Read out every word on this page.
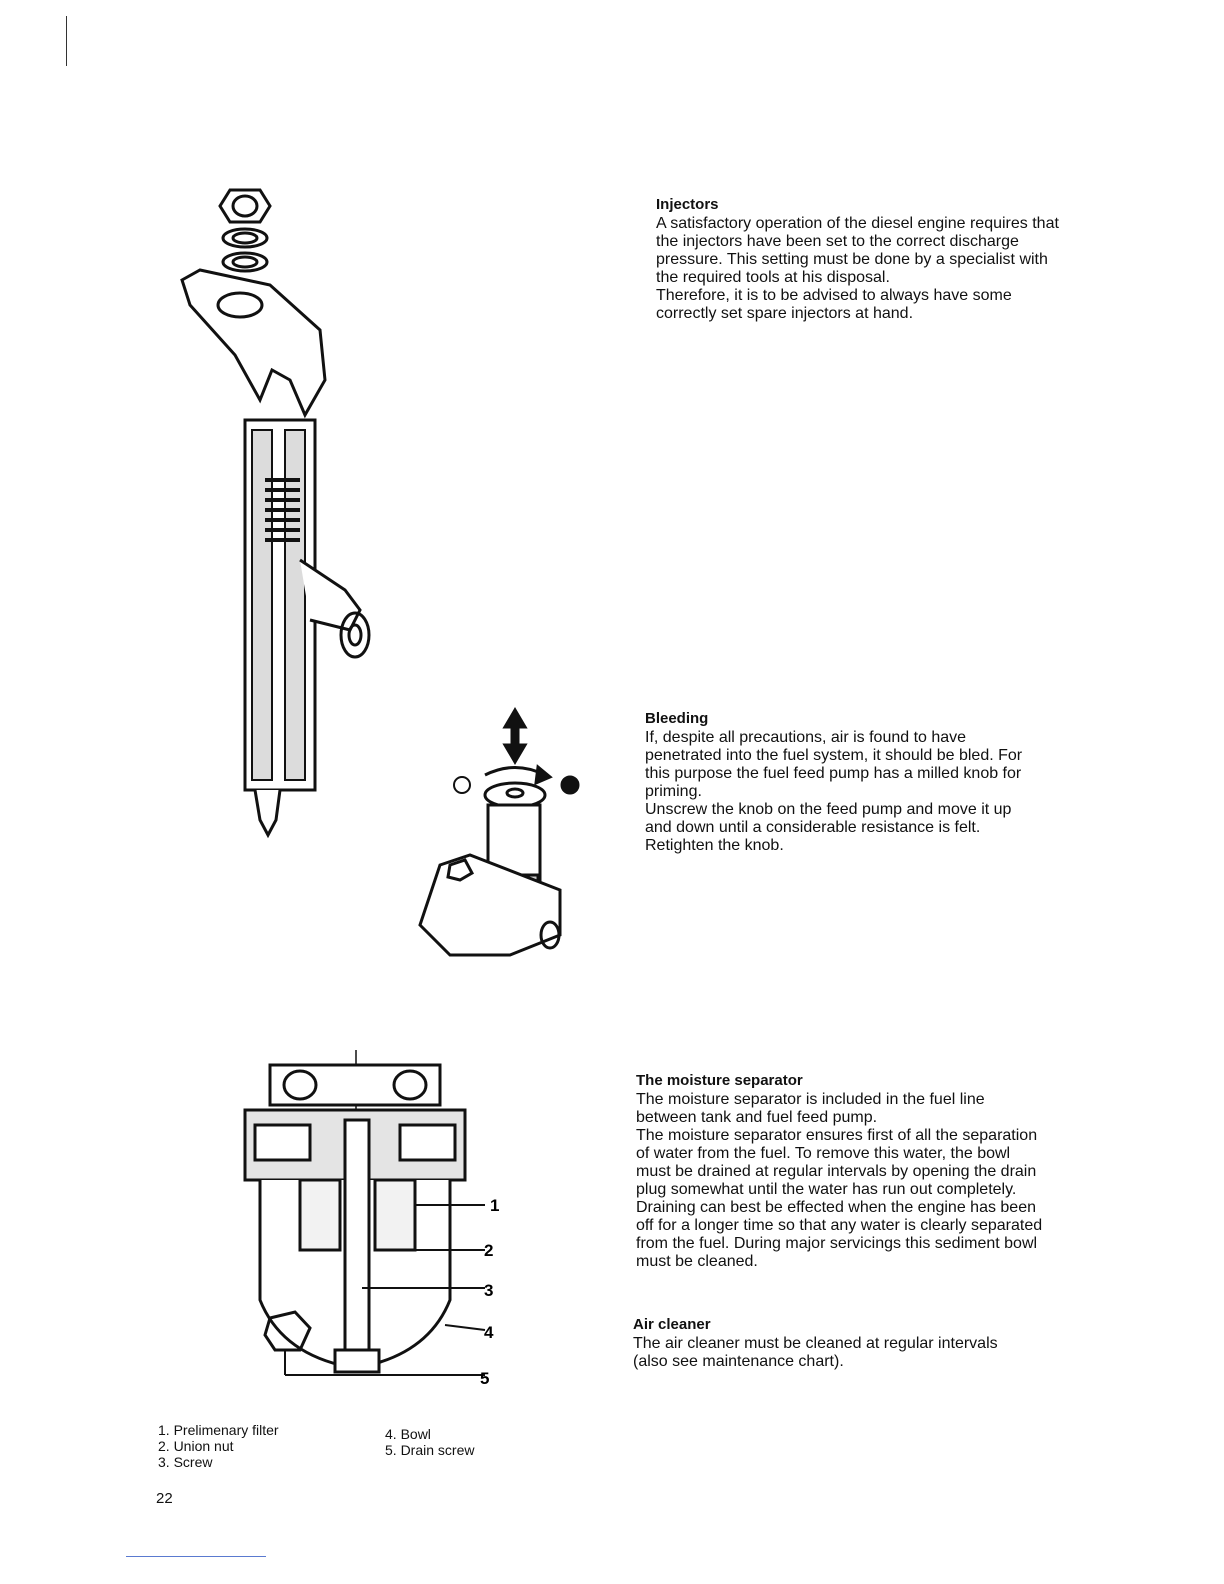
1
2
3
4
5
Injectors

A satisfactory operation of the diesel engine requires that the injectors have been set to the correct discharge pressure. This setting must be done by a specialist with the required tools at his disposal.

Therefore, it is to be advised to always have some correctly set spare injectors at hand.

Bleeding

If, despite all precautions, air is found to have penetrated into the fuel system, it should be bled. For this purpose the fuel feed pump has a milled knob for priming.

Unscrew the knob on the feed pump and move it up and down until a considerable resistance is felt.

Retighten the knob.

The moisture separator

The moisture separator is included in the fuel line between tank and fuel feed pump.

The moisture separator ensures first of all the separation of water from the fuel. To remove this water, the bowl must be drained at regular intervals by opening the drain plug somewhat until the water has run out completely. Draining can best be effected when the engine has been off for a longer time so that any water is clearly separated from the fuel. During major servicings this sediment bowl must be cleaned.

Air cleaner

The air cleaner must be cleaned at regular intervals (also see maintenance chart).

1. Prelimenary filter
2. Union nut
3. Screw
4. Bowl
5. Drain screw
22
